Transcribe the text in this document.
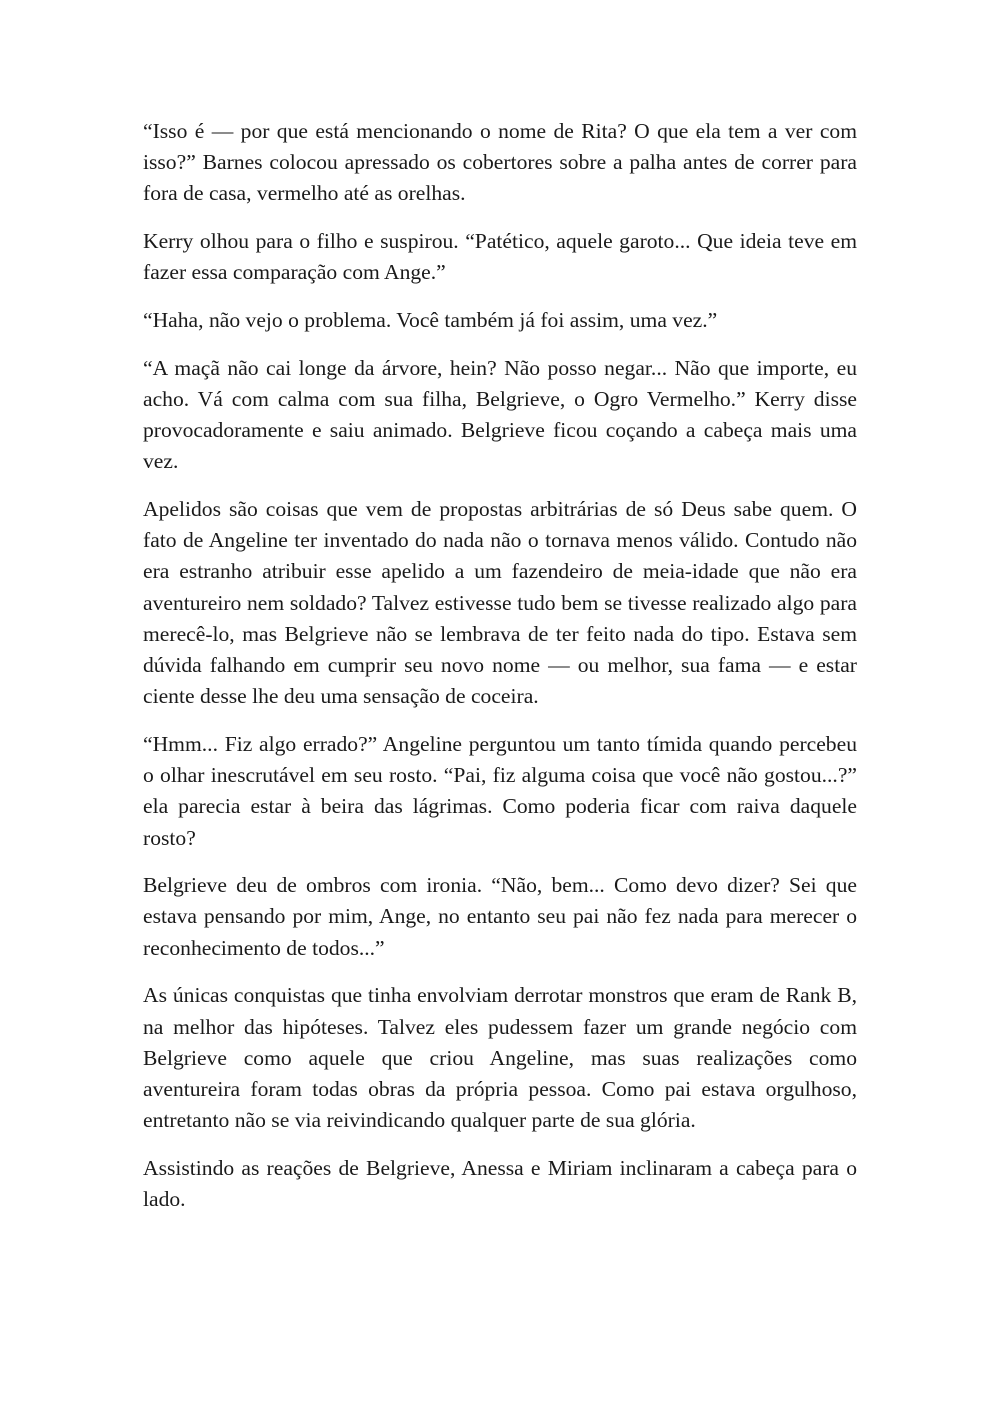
“Isso é — por que está mencionando o nome de Rita? O que ela tem a ver com isso?” Barnes colocou apressado os cobertores sobre a palha antes de correr para fora de casa, vermelho até as orelhas.

Kerry olhou para o filho e suspirou. “Patético, aquele garoto... Que ideia teve em fazer essa comparação com Ange.”

“Haha, não vejo o problema. Você também já foi assim, uma vez.”

“A maçã não cai longe da árvore, hein? Não posso negar... Não que importe, eu acho. Vá com calma com sua filha, Belgrieve, o Ogro Vermelho.” Kerry disse provocadoramente e saiu animado. Belgrieve ficou coçando a cabeça mais uma vez.

Apelidos são coisas que vem de propostas arbitrárias de só Deus sabe quem. O fato de Angeline ter inventado do nada não o tornava menos válido. Contudo não era estranho atribuir esse apelido a um fazendeiro de meia-idade que não era aventureiro nem soldado? Talvez estivesse tudo bem se tivesse realizado algo para merecê-lo, mas Belgrieve não se lembrava de ter feito nada do tipo. Estava sem dúvida falhando em cumprir seu novo nome — ou melhor, sua fama — e estar ciente desse lhe deu uma sensação de coceira.

“Hmm... Fiz algo errado?” Angeline perguntou um tanto tímida quando percebeu o olhar inescrutável em seu rosto. “Pai, fiz alguma coisa que você não gostou...?” ela parecia estar à beira das lágrimas. Como poderia ficar com raiva daquele rosto?

Belgrieve deu de ombros com ironia. “Não, bem... Como devo dizer? Sei que estava pensando por mim, Ange, no entanto seu pai não fez nada para merecer o reconhecimento de todos...”

As únicas conquistas que tinha envolviam derrotar monstros que eram de Rank B, na melhor das hipóteses. Talvez eles pudessem fazer um grande negócio com Belgrieve como aquele que criou Angeline, mas suas realizações como aventureira foram todas obras da própria pessoa. Como pai estava orgulhoso, entretanto não se via reivindicando qualquer parte de sua glória.

Assistindo as reações de Belgrieve, Anessa e Miriam inclinaram a cabeça para o lado.
